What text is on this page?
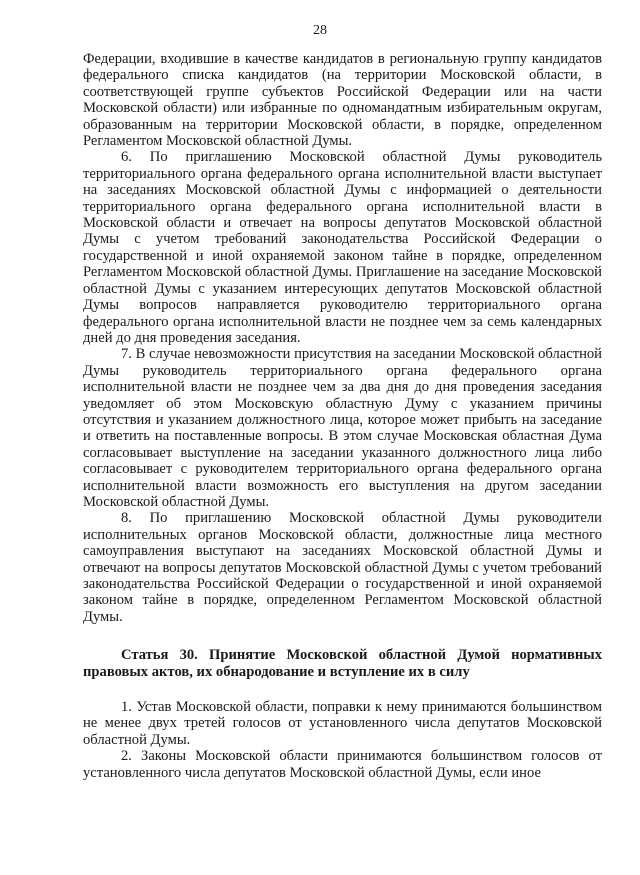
28

Федерации, входившие в качестве кандидатов в региональную группу кандидатов федерального списка кандидатов (на территории Московской области, в соответствующей группе субъектов Российской Федерации или на части Московской области) или избранные по одномандатным избирательным округам, образованным на территории Московской области, в порядке, определенном Регламентом Московской областной Думы.

6. По приглашению Московской областной Думы руководитель территориального органа федерального органа исполнительной власти выступает на заседаниях Московской областной Думы с информацией о деятельности территориального органа федерального органа исполнительной власти в Московской области и отвечает на вопросы депутатов Московской областной Думы с учетом требований законодательства Российской Федерации о государственной и иной охраняемой законом тайне в порядке, определенном Регламентом Московской областной Думы. Приглашение на заседание Московской областной Думы с указанием интересующих депутатов Московской областной Думы вопросов направляется руководителю территориального органа федерального органа исполнительной власти не позднее чем за семь календарных дней до дня проведения заседания.

7. В случае невозможности присутствия на заседании Московской областной Думы руководитель территориального органа федерального органа исполнительной власти не позднее чем за два дня до дня проведения заседания уведомляет об этом Московскую областную Думу с указанием причины отсутствия и указанием должностного лица, которое может прибыть на заседание и ответить на поставленные вопросы. В этом случае Московская областная Дума согласовывает выступление на заседании указанного должностного лица либо согласовывает с руководителем территориального органа федерального органа исполнительной власти возможность его выступления на другом заседании Московской областной Думы.

8. По приглашению Московской областной Думы руководители исполнительных органов Московской области, должностные лица местного самоуправления выступают на заседаниях Московской областной Думы и отвечают на вопросы депутатов Московской областной Думы с учетом требований законодательства Российской Федерации о государственной и иной охраняемой законом тайне в порядке, определенном Регламентом Московской областной Думы.

Статья 30. Принятие Московской областной Думой нормативных правовых актов, их обнародование и вступление их в силу

1. Устав Московской области, поправки к нему принимаются большинством не менее двух третей голосов от установленного числа депутатов Московской областной Думы.

2. Законы Московской области принимаются большинством голосов от установленного числа депутатов Московской областной Думы, если иное
